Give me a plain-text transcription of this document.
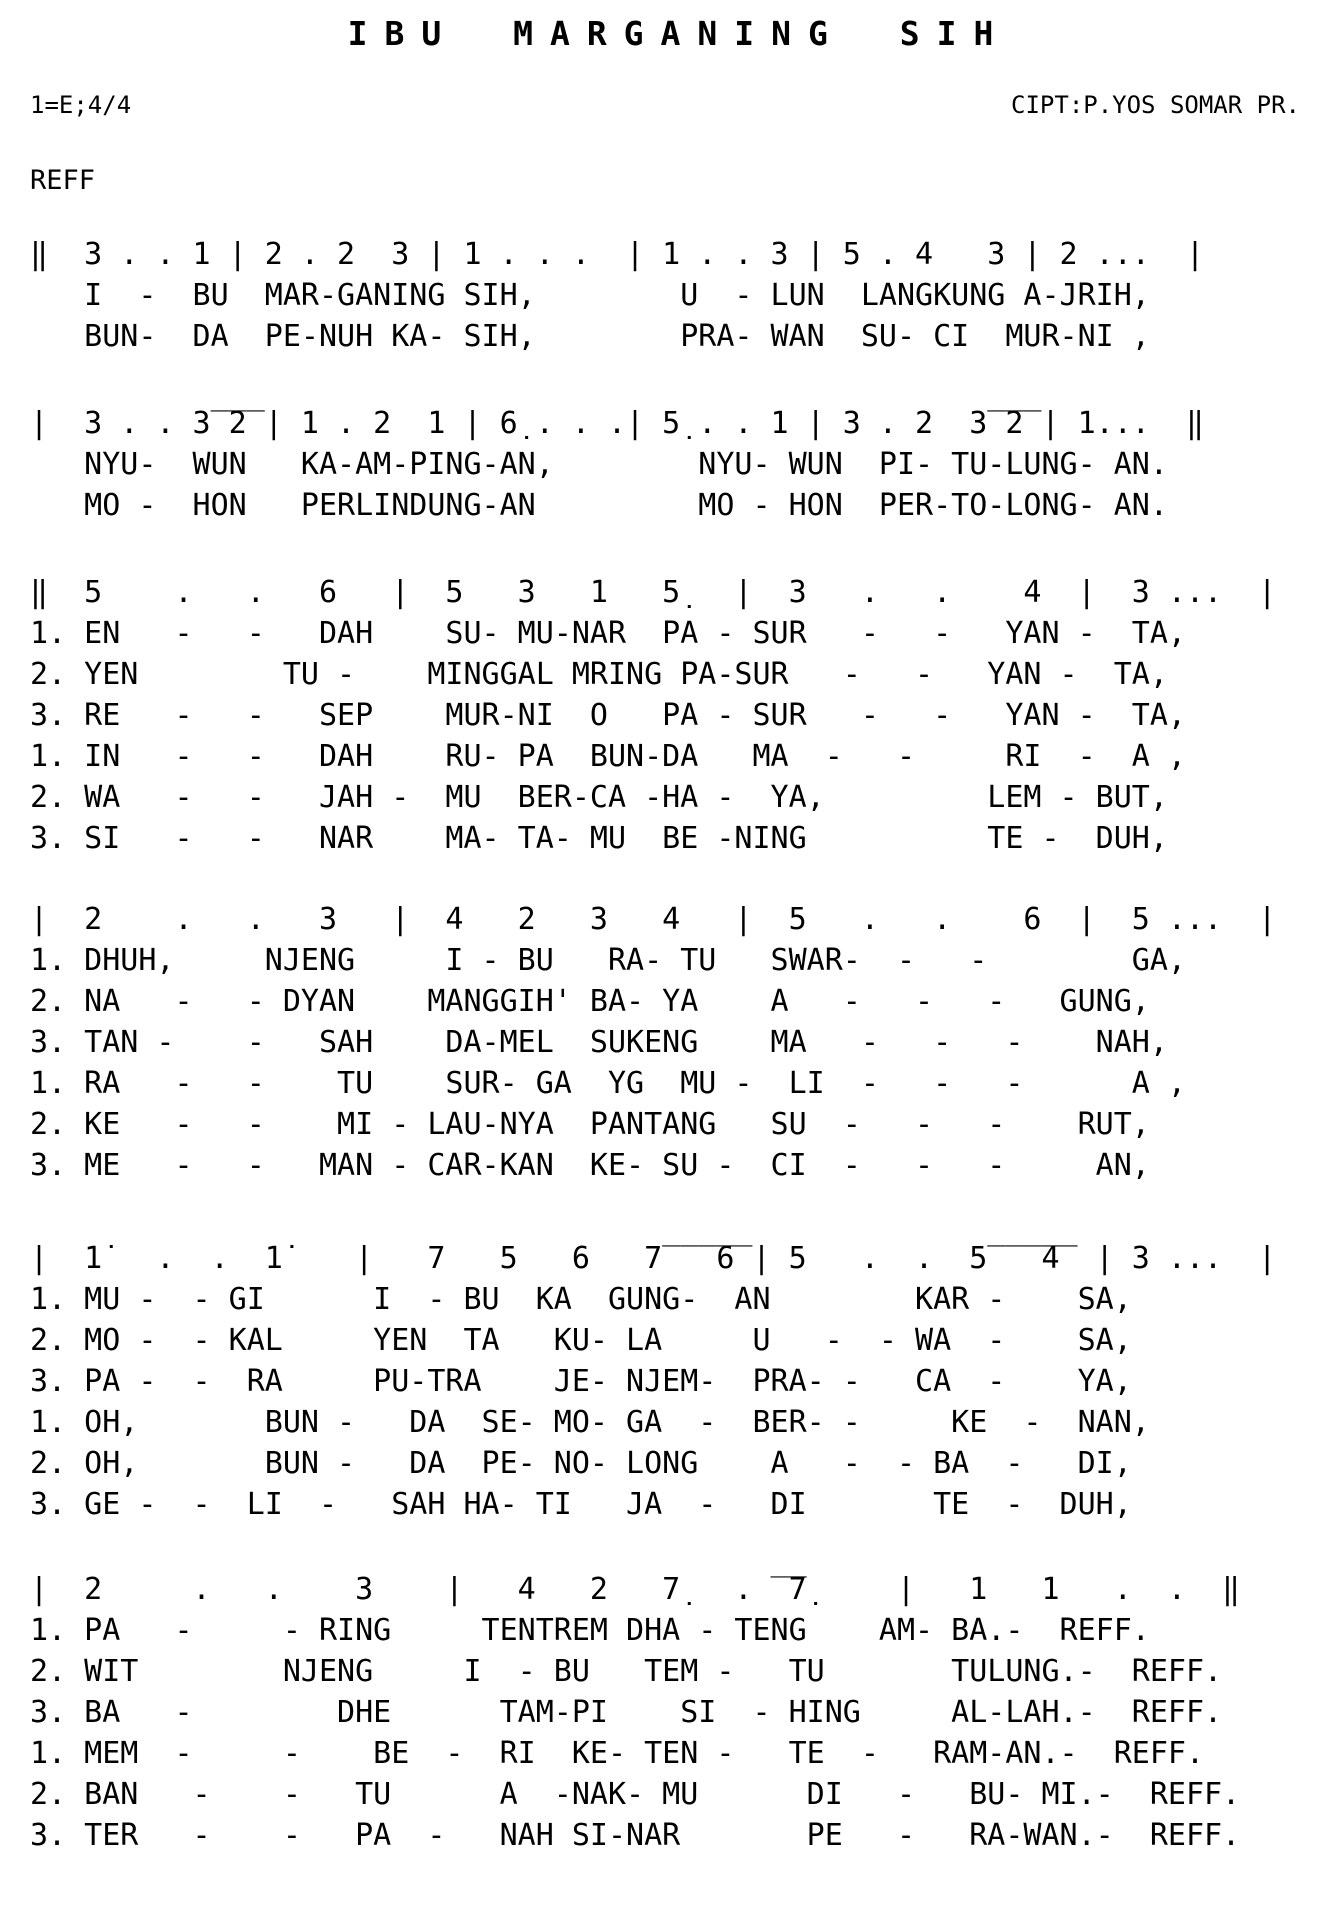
IBU MARGANING SIH
1=E;4/4	CIPT:P.YOS SOMAR PR.
REFF
‖  3 . . 1 | 2 . 2  3 | 1 . . .  | 1 . . 3 | 5 . 4   3 | 2 ...  |
I  -  BU  MAR-GANING SIH,        U  - LUN  LANGKUNG A-JRIH,
BUN-  DA  PE-NUH KA- SIH,        PRA- WAN  SU- CI  MUR-NI ,
|  3 . . 3̅ ̅2̅ | 1 . 2  1 | 6̣ . . .| 5̣ . . 1 | 3 . 2  3̅ ̅2̅ | 1...  ‖
NYU-  WUN   KA-AM-PING-AN,        NYU- WUN  PI- TU-LUNG- AN.
MO -  HON   PERLINDUNG-AN         MO - HON  PER-TO-LONG- AN.
‖  5    .   .   6   |  5   3   1   5̣   |  3   .   .    4  |  3 ...  |
1. EN   -   -   DAH    SU- MU-NAR  PA - SUR   -   -   YAN -  TA,
2. YEN        TU -    MINGGAL MRING PA-SUR   -   -   YAN -  TA,
3. RE   -   -   SEP    MUR-NI  O   PA - SUR   -   -   YAN -  TA,
1. IN   -   -   DAH    RU- PA  BUN-DA   MA  -   -     RI  -  A ,
2. WA   -   -   JAH -  MU  BER-CA -HA -  YA,         LEM - BUT,
3. SI   -   -   NAR    MA- TA- MU  BE -NING          TE -  DUH,
|  2    .   .   3   |  4   2   3   4   |  5   .   .    6  |  5 ...  |
1. DHUH,     NJENG     I - BU   RA- TU   SWAR-  -   -        GA,
2. NA   -   - DYAN    MANGGIH' BA- YA    A   -   -   -   GUNG,
3. TAN -    -   SAH    DA-MEL  SUKENG    MA   -   -   -    NAH,
1. RA   -   -    TU    SUR- GA  YG  MU -  LI  -   -   -      A ,
2. KE   -   -    MI - LAU-NYA  PANTANG   SU  -   -   -    RUT,
3. ME   -   -   MAN - CAR-KAN  KE- SU -  CI  -   -   -     AN,
|  1̇   .  .  1̇    |   7   5   6   7̅ ̅ ̅ ̅6̅ | 5   .  .  5̅ ̅ ̅ ̅4̅  | 3 ...  |
1. MU -  - GI      I  - BU  KA  GUNG-  AN        KAR -    SA,
2. MO -  - KAL     YEN  TA   KU- LA     U   -  - WA  -    SA,
3. PA -  -  RA     PU-TRA    JE- NJEM-  PRA- -   CA  -    YA,
1. OH,       BUN -   DA  SE- MO- GA  -  BER- -     KE  -  NAN,
2. OH,       BUN -   DA  PE- NO- LONG    A   -  - BA  -   DI,
3. GE -  -  LI  -   SAH HA- TI   JA  -   DI       TE  -  DUH,
|  2     .   .    3    |   4   2   7̣   . ̅ ̅7̣     |   1   1   .  .  ‖
1. PA   -     - RING     TENTREM DHA - TENG    AM- BA.-  REFF.
2. WIT        NJENG     I  - BU   TEM -   TU       TULUNG.-  REFF.
3. BA   -        DHE      TAM-PI    SI  - HING     AL-LAH.-  REFF.
1. MEM  -     -    BE  -  RI  KE- TEN -   TE  -   RAM-AN.-  REFF.
2. BAN   -    -   TU      A  -NAK- MU      DI   -   BU- MI.-  REFF.
3. TER   -    -   PA  -   NAH SI-NAR       PE   -   RA-WAN.-  REFF.
